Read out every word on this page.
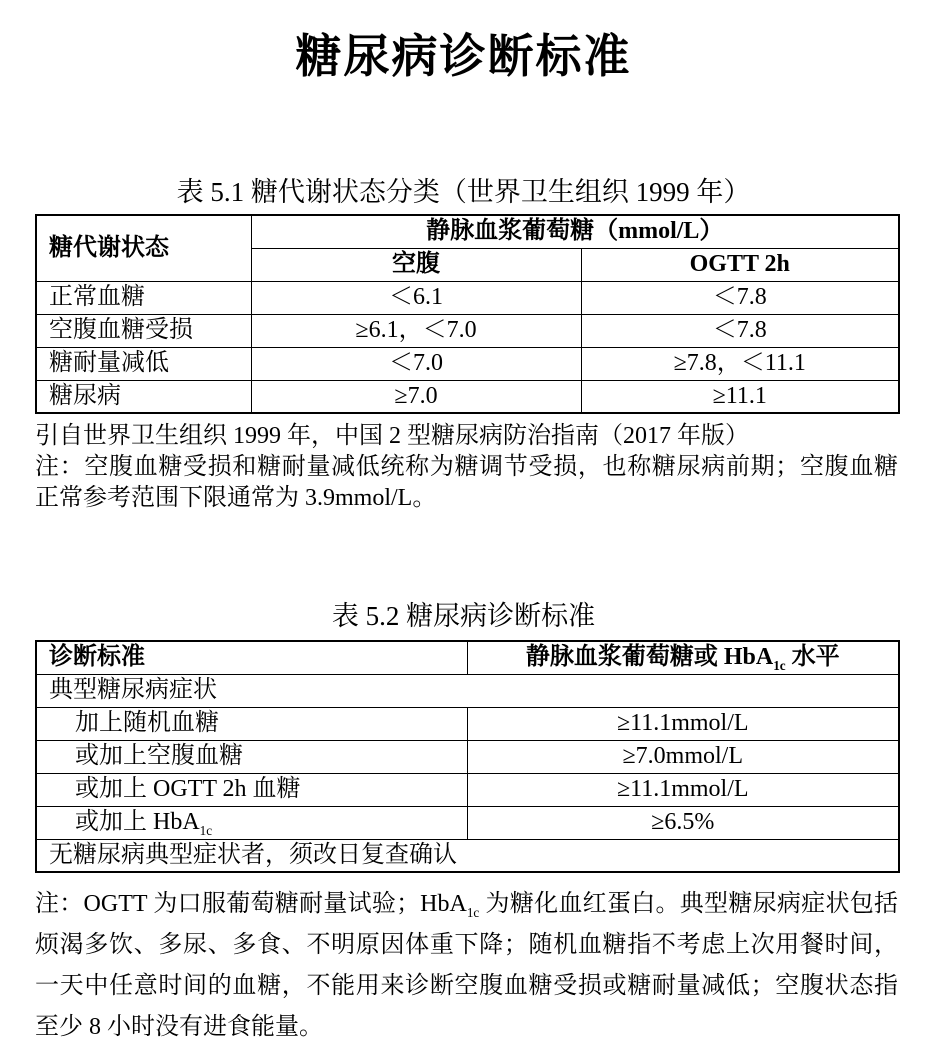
糖尿病诊断标准
表 5.1 糖代谢状态分类（世界卫生组织 1999 年）
糖代谢状态	静脉血浆葡萄糖（mmol/L）	
	空腹	OGTT 2h
正常血糖	＜6.1	＜7.8
空腹血糖受损	≥6.1，＜7.0	＜7.8
糖耐量减低	＜7.0	≥7.8，＜11.1
糖尿病	≥7.0	≥11.1

引自世界卫生组织 1999 年，中国 2 型糖尿病防治指南（2017 年版）

注：空腹血糖受损和糖耐量减低统称为糖调节受损，也称糖尿病前期；空腹血糖正常参考范围下限通常为 3.9mmol/L。

表 5.2 糖尿病诊断标准
诊断标准	静脉血浆葡萄糖或 HbA$_{1c}$ 水平
典型糖尿病症状	
加上随机血糖	≥11.1mmol/L
或加上空腹血糖	≥7.0mmol/L
或加上 OGTT 2h 血糖	≥11.1mmol/L
或加上 HbA$_{1c}$	≥6.5%
无糖尿病典型症状者，须改日复查确认	

注：OGTT 为口服葡萄糖耐量试验；HbA$_{1c}$ 为糖化血红蛋白。典型糖尿病症状包括烦渴多饮、多尿、多食、不明原因体重下降；随机血糖指不考虑上次用餐时间，一天中任意时间的血糖，不能用来诊断空腹血糖受损或糖耐量减低；空腹状态指至少 8 小时没有进食能量。
